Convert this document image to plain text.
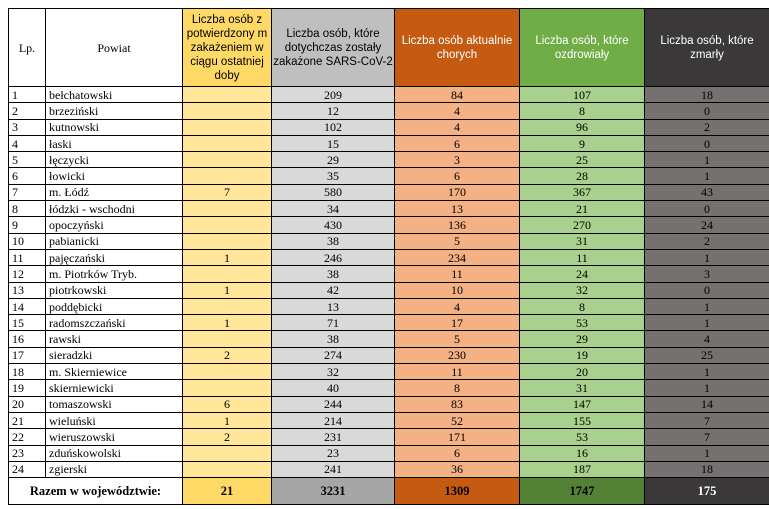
Lp.	Powiat	Liczba osób z potwierdzony m zakażeniem w ciągu ostatniej doby	Liczba osób, które dotychczas zostały zakażone SARS-CoV-2	Liczba osób aktualnie chorych	Liczba osób, które ozdrowiały	Liczba osób, które zmarły
1	bełchatowski		209	84	107	18
2	brzeziński		12	4	8	0
3	kutnowski		102	4	96	2
4	łaski		15	6	9	0
5	łęczycki		29	3	25	1
6	łowicki		35	6	28	1
7	m. Łódź	7	580	170	367	43
8	łódzki - wschodni		34	13	21	0
9	opoczyński		430	136	270	24
10	pabianicki		38	5	31	2
11	pajęczański	1	246	234	11	1
12	m. Piotrków Tryb.		38	11	24	3
13	piotrkowski	1	42	10	32	0
14	poddębicki		13	4	8	1
15	radomszczański	1	71	17	53	1
16	rawski		38	5	29	4
17	sieradzki	2	274	230	19	25
18	m. Skierniewice		32	11	20	1
19	skierniewicki		40	8	31	1
20	tomaszowski	6	244	83	147	14
21	wieluński	1	214	52	155	7
22	wieruszowski	2	231	171	53	7
23	zduńskowolski		23	6	16	1
24	zgierski		241	36	187	18
Razem w województwie:		21	3231	1309	1747	175
